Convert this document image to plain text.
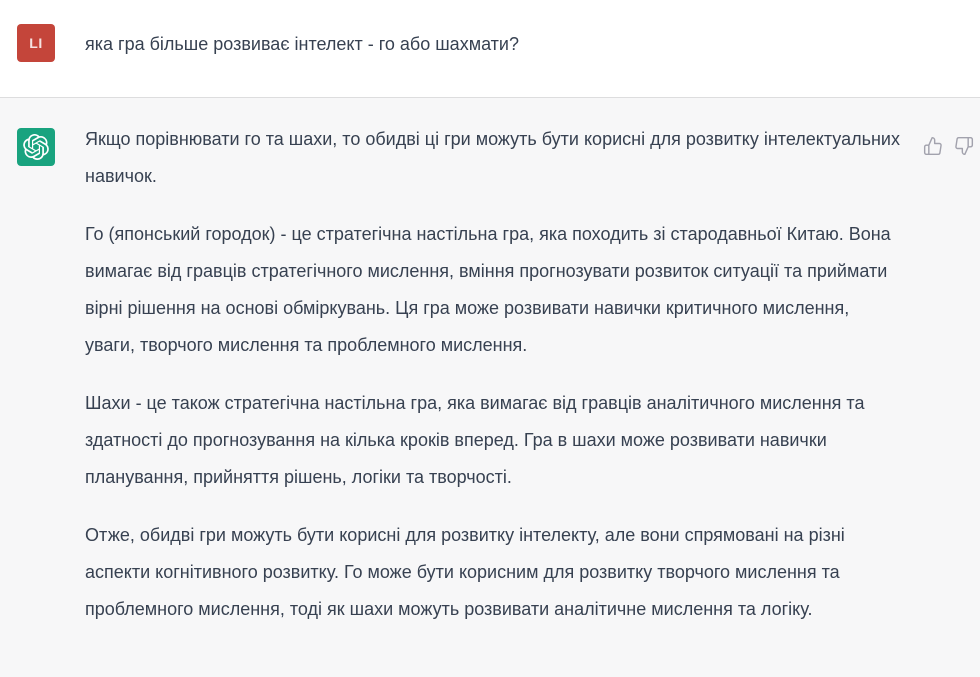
LI яка гра більше розвиває інтелект - го або шахмати?

Якщо порівнювати го та шахи, то обидві ці гри можуть бути корисні для розвитку інтелектуальних навичок.

Го (японський городок) - це стратегічна настільна гра, яка походить зі стародавньої Китаю. Вона вимагає від гравців стратегічного мислення, вміння прогнозувати розвиток ситуації та приймати вірні рішення на основі обміркувань. Ця гра може розвивати навички критичного мислення, уваги, творчого мислення та проблемного мислення.

Шахи - це також стратегічна настільна гра, яка вимагає від гравців аналітичного мислення та здатності до прогнозування на кілька кроків вперед. Гра в шахи може розвивати навички планування, прийняття рішень, логіки та творчості.

Отже, обидві гри можуть бути корисні для розвитку інтелекту, але вони спрямовані на різні аспекти когнітивного розвитку. Го може бути корисним для розвитку творчого мислення та проблемного мислення, тоді як шахи можуть розвивати аналітичне мислення та логіку.
